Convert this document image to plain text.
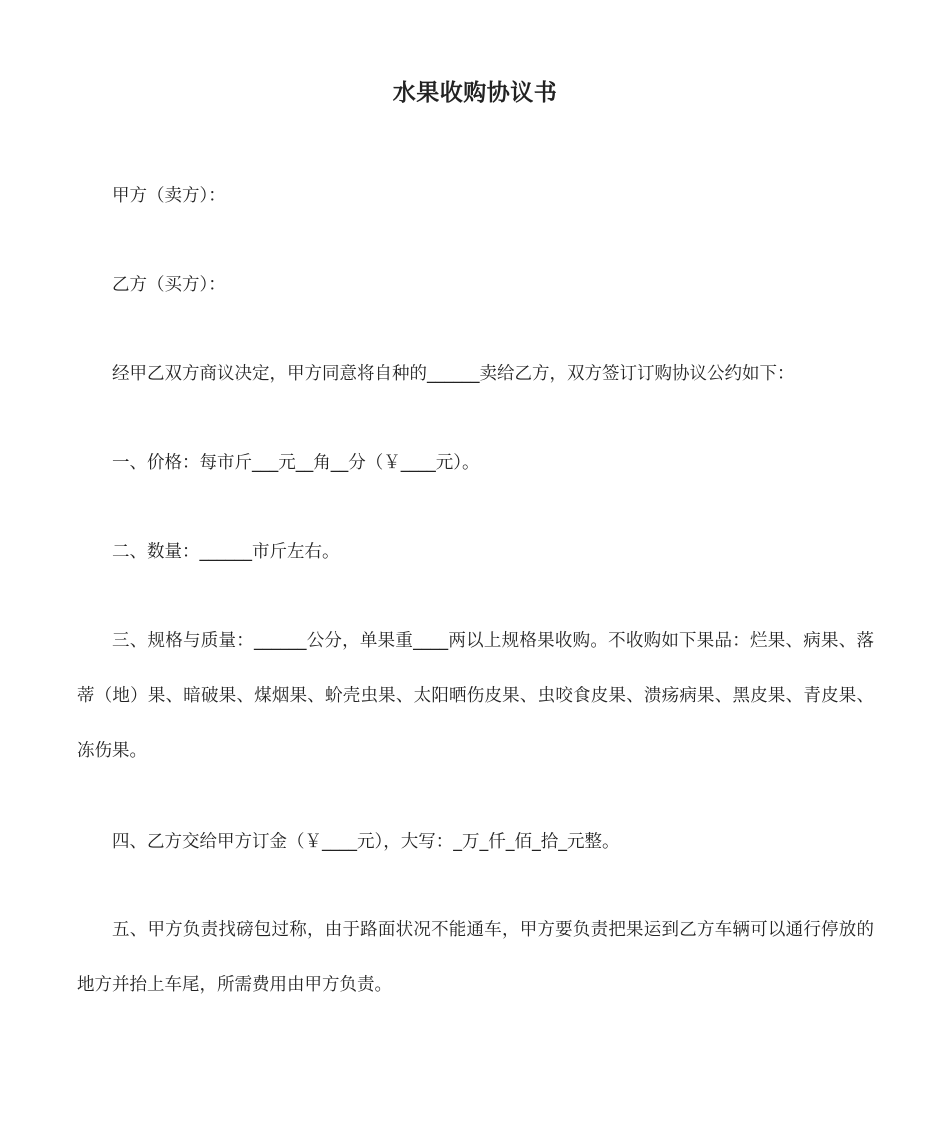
水果收购协议书
甲方（卖方）：
乙方（买方）：
经甲乙双方商议决定，甲方同意将自种的______卖给乙方，双方签订订购协议公约如下：
一、价格：每市斤___元__角__分（￥____元）。
二、数量：______市斤左右。
三、规格与质量：______公分，单果重____两以上规格果收购。不收购如下果品：烂果、病果、落蒂（地）果、暗破果、煤烟果、蚧壳虫果、太阳晒伤皮果、虫咬食皮果、溃疡病果、黑皮果、青皮果、冻伤果。
四、乙方交给甲方订金（￥____元），大写：_万_仟_佰_拾_元整。
五、甲方负责找磅包过称，由于路面状况不能通车，甲方要负责把果运到乙方车辆可以通行停放的地方并抬上车尾，所需费用由甲方负责。
